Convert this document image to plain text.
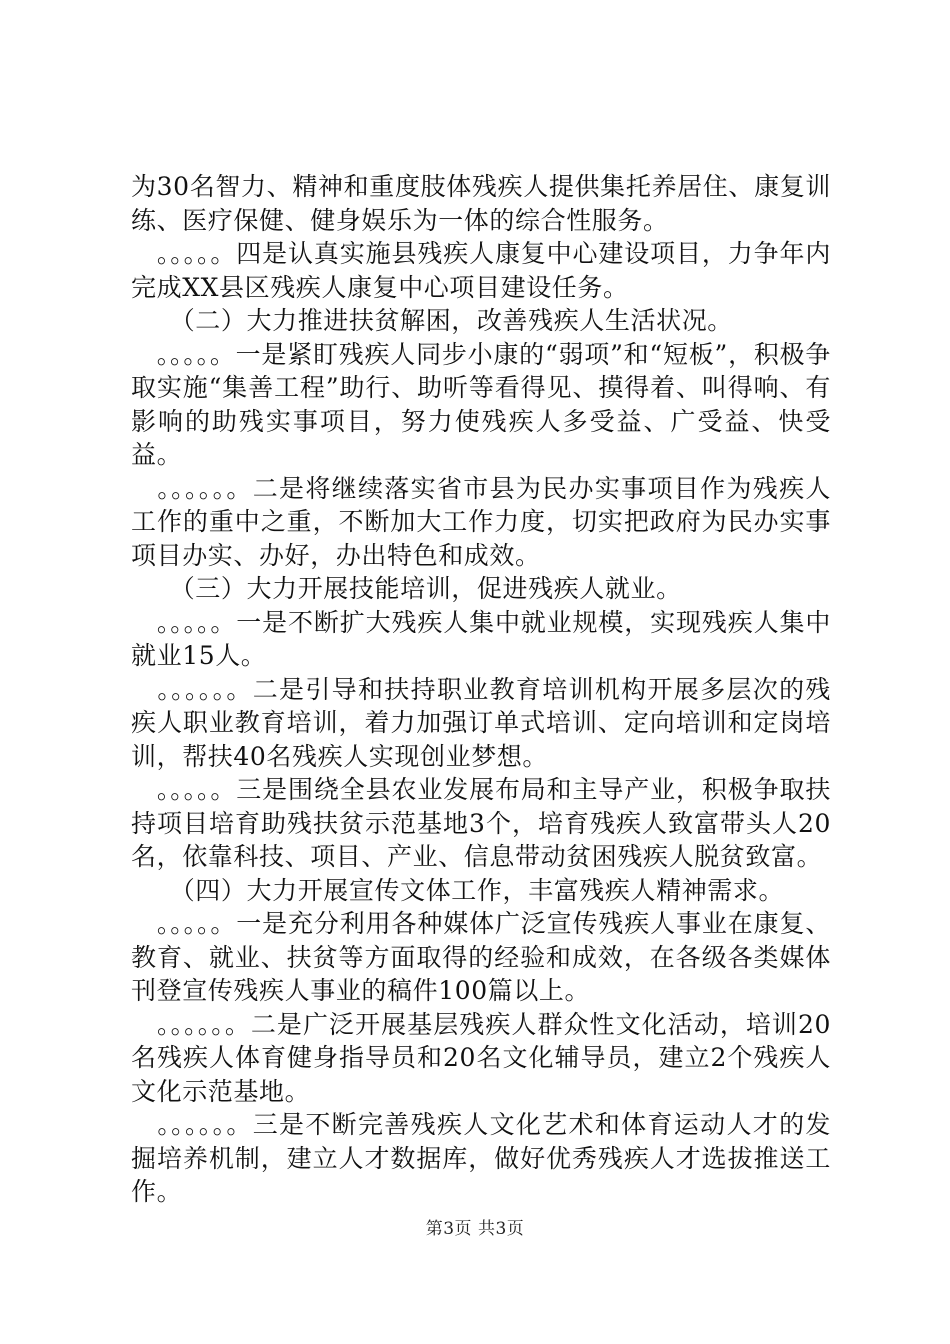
为30名智力、精神和重度肢体残疾人提供集托养居住、康复训练、医疗保健、健身娱乐为一体的综合性服务。

　。。。。。四是认真实施县残疾人康复中心建设项目，力争年内完成XX县区残疾人康复中心项目建设任务。

　　（二）大力推进扶贫解困，改善残疾人生活状况。

　。。。。。一是紧盯残疾人同步小康的“弱项”和“短板”，积极争取实施“集善工程”助行、助听等看得见、摸得着、叫得响、有影响的助残实事项目，努力使残疾人多受益、广受益、快受益。

　。。。。。。二是将继续落实省市县为民办实事项目作为残疾人工作的重中之重，不断加大工作力度，切实把政府为民办实事项目办实、办好，办出特色和成效。

　　（三）大力开展技能培训，促进残疾人就业。

　。。。。。一是不断扩大残疾人集中就业规模，实现残疾人集中就业15人。

　。。。。。。二是引导和扶持职业教育培训机构开展多层次的残疾人职业教育培训，着力加强订单式培训、定向培训和定岗培训，帮扶40名残疾人实现创业梦想。

　。。。。。三是围绕全县农业发展布局和主导产业，积极争取扶持项目培育助残扶贫示范基地3个，培育残疾人致富带头人20名，依靠科技、项目、产业、信息带动贫困残疾人脱贫致富。

　　（四）大力开展宣传文体工作，丰富残疾人精神需求。

　。。。。。一是充分利用各种媒体广泛宣传残疾人事业在康复、教育、就业、扶贫等方面取得的经验和成效，在各级各类媒体刊登宣传残疾人事业的稿件100篇以上。

　。。。。。。二是广泛开展基层残疾人群众性文化活动，培训20名残疾人体育健身指导员和20名文化辅导员，建立2个残疾人文化示范基地。

　。。。。。。三是不断完善残疾人文化艺术和体育运动人才的发掘培养机制，建立人才数据库，做好优秀残疾人才选拔推送工作。

第3页 共3页
